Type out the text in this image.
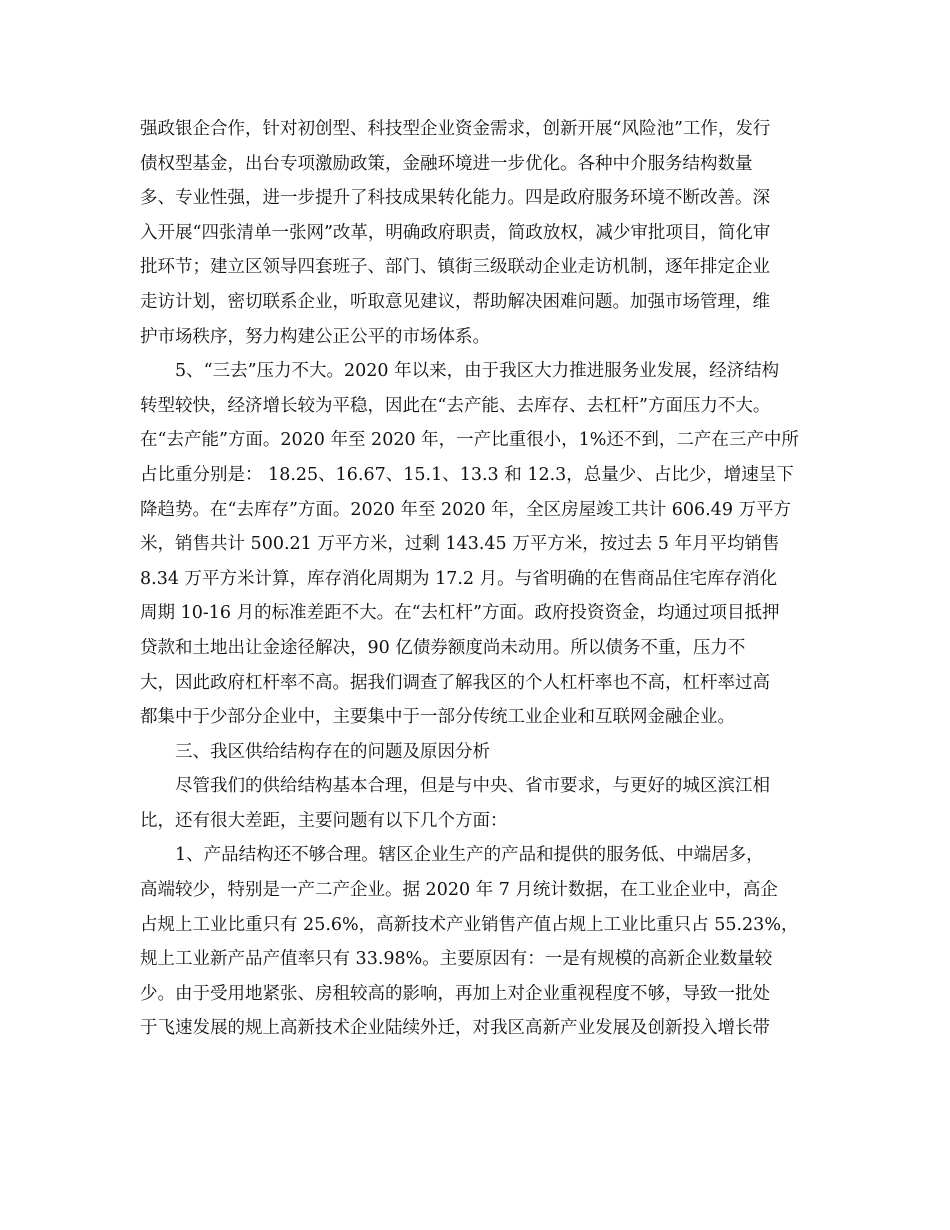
强政银企合作，针对初创型、科技型企业资金需求，创新开展“风险池”工作，发行
债权型基金，出台专项激励政策，金融环境进一步优化。各种中介服务结构数量
多、专业性强，进一步提升了科技成果转化能力。四是政府服务环境不断改善。深
入开展“四张清单一张网”改革，明确政府职责，简政放权，减少审批项目，简化审
批环节；建立区领导四套班子、部门、镇街三级联动企业走访机制，逐年排定企业
走访计划，密切联系企业，听取意见建议，帮助解决困难问题。加强市场管理，维
护市场秩序，努力构建公正公平的市场体系。
5、“三去”压力不大。2020 年以来，由于我区大力推进服务业发展，经济结构
转型较快，经济增长较为平稳，因此在“去产能、去库存、去杠杆”方面压力不大。
在“去产能”方面。2020 年至 2020 年，一产比重很小，1%还不到，二产在三产中所
占比重分别是： 18.25、16.67、15.1、13.3 和 12.3，总量少、占比少，增速呈下
降趋势。在“去库存”方面。2020 年至 2020 年，全区房屋竣工共计 606.49 万平方
米，销售共计 500.21 万平方米，过剩 143.45 万平方米，按过去 5 年月平均销售
8.34 万平方米计算，库存消化周期为 17.2 月。与省明确的在售商品住宅库存消化
周期 10-16 月的标准差距不大。在“去杠杆”方面。政府投资资金，均通过项目抵押
贷款和土地出让金途径解决，90 亿债券额度尚未动用。所以债务不重，压力不
大，因此政府杠杆率不高。据我们调查了解我区的个人杠杆率也不高，杠杆率过高
都集中于少部分企业中，主要集中于一部分传统工业企业和互联网金融企业。
三、我区供给结构存在的问题及原因分析
尽管我们的供给结构基本合理，但是与中央、省市要求，与更好的城区滨江相
比，还有很大差距，主要问题有以下几个方面：
1、产品结构还不够合理。辖区企业生产的产品和提供的服务低、中端居多，
高端较少，特别是一产二产企业。据 2020 年 7 月统计数据，在工业企业中，高企
占规上工业比重只有 25.6%，高新技术产业销售产值占规上工业比重只占 55.23%，
规上工业新产品产值率只有 33.98%。主要原因有：一是有规模的高新企业数量较
少。由于受用地紧张、房租较高的影响，再加上对企业重视程度不够，导致一批处
于飞速发展的规上高新技术企业陆续外迁，对我区高新产业发展及创新投入增长带
